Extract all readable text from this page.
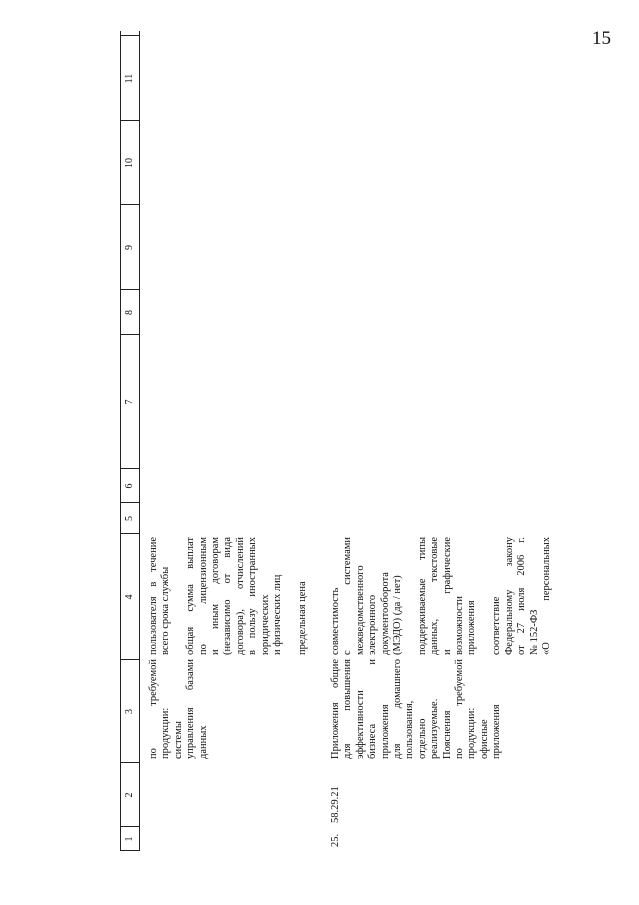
15
1
2
3
4
5
6
7
8
9
10
11
по требуемой продукции: системы управления базами данных
пользователя в течение всего срока службы
общая сумма выплат по лицензионным и иным договорам (независимо от вида договора), отчислений в пользу иностранных юридических и физических лиц
предельная цена
25.
58.29.21
Приложения общие для повышения эффективности бизнеса и приложения для домашнего пользования, отдельно реализуемые. Пояснения по требуемой продукции: офисные приложения
совместимость с системами межведомственного электронного документооборота (МЭДО) (да / нет)
поддерживаемые типы данных, текстовые и графические возможности приложения
соответствие Федеральному закону от 27 июля 2006 г. № 152-ФЗ «О персональных
